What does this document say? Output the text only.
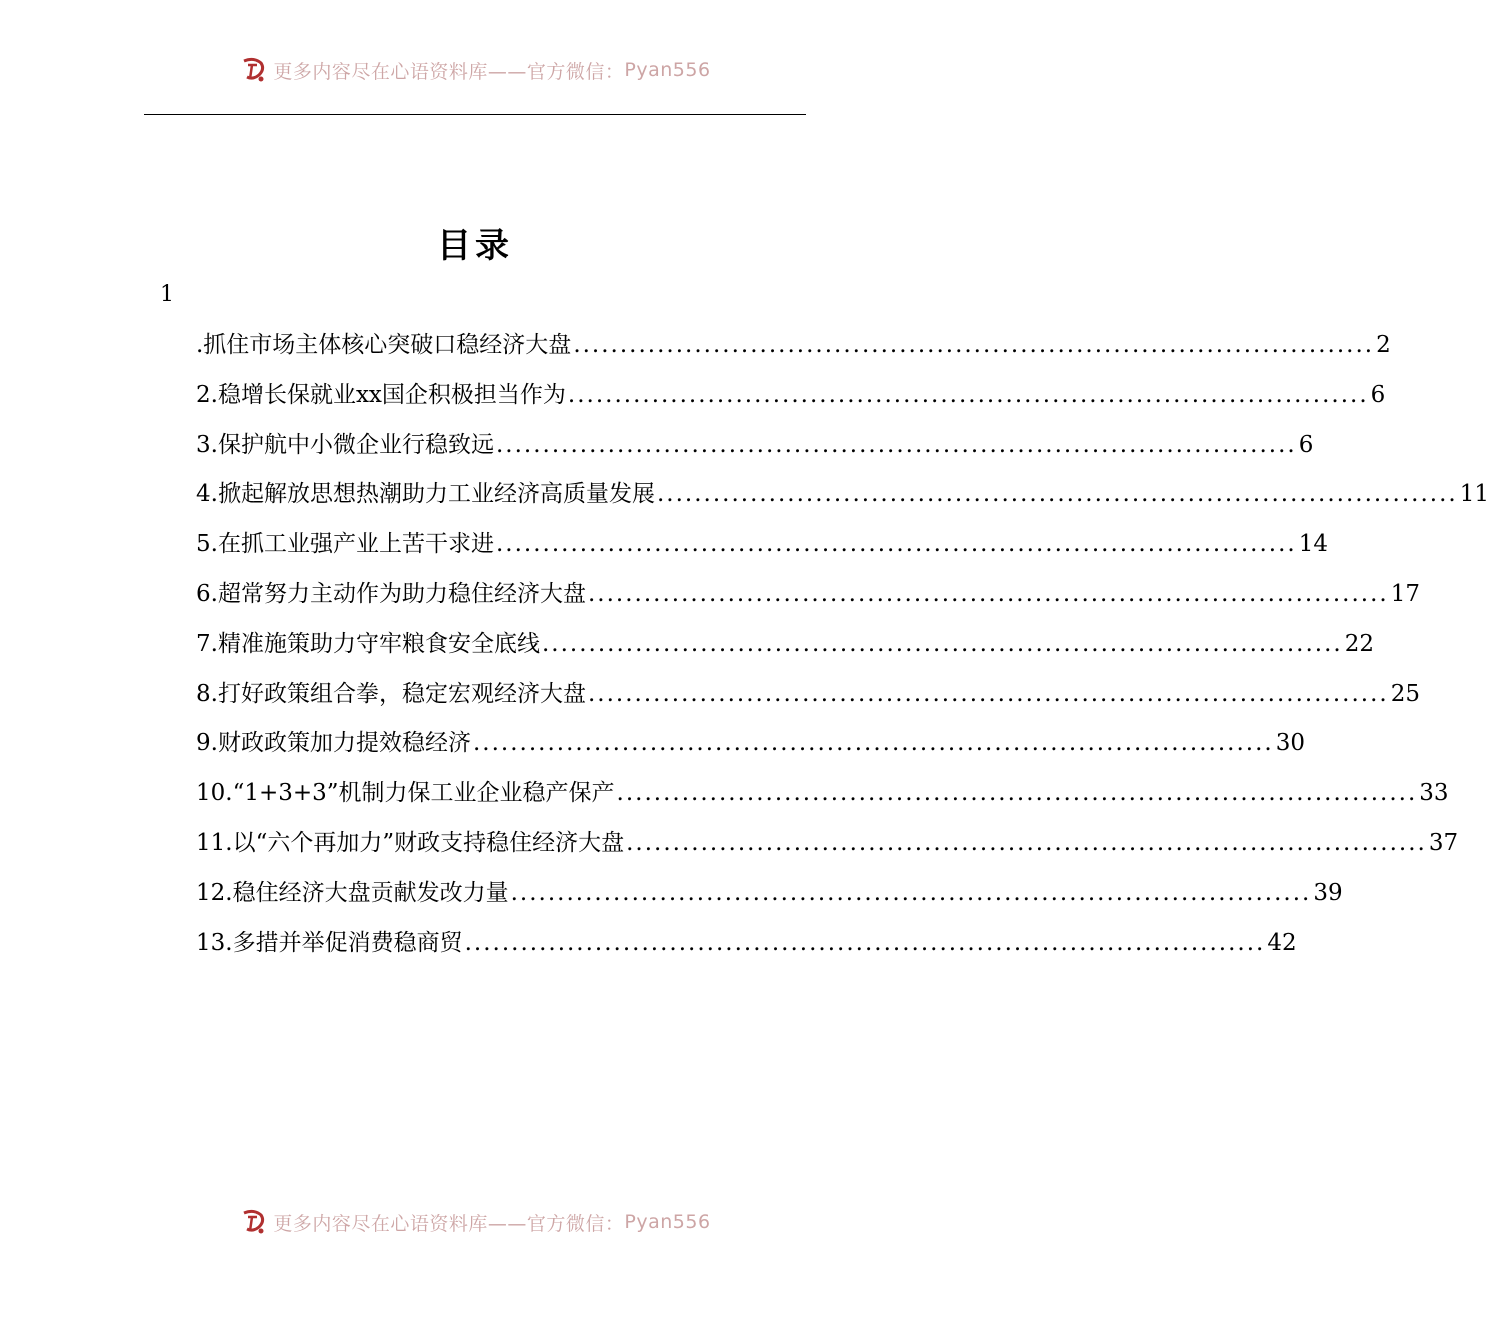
更多内容尽在心语资料库——官方微信： Pyan556
目录
1
.抓住市场主体核心突破口稳经济大盘 ...................................................................................... 2
2.稳增长保就业xx国企积极担当作为 ...................................................................................... 6
3.保护航中小微企业行稳致远 ...................................................................................... 6
4.掀起解放思想热潮助力工业经济高质量发展 ...................................................................................... 11
5.在抓工业强产业上苦干求进 ...................................................................................... 14
6.超常努力主动作为助力稳住经济大盘 ...................................................................................... 17
7.精准施策助力守牢粮食安全底线 ...................................................................................... 22
8.打好政策组合拳，稳定宏观经济大盘 ...................................................................................... 25
9.财政政策加力提效稳经济 ...................................................................................... 30
10.“1+3+3”机制力保工业企业稳产保产 ...................................................................................... 33
11.以“六个再加力”财政支持稳住经济大盘 ...................................................................................... 37
12.稳住经济大盘贡献发改力量 ...................................................................................... 39
13.多措并举促消费稳商贸 ...................................................................................... 42
更多内容尽在心语资料库——官方微信： Pyan556
